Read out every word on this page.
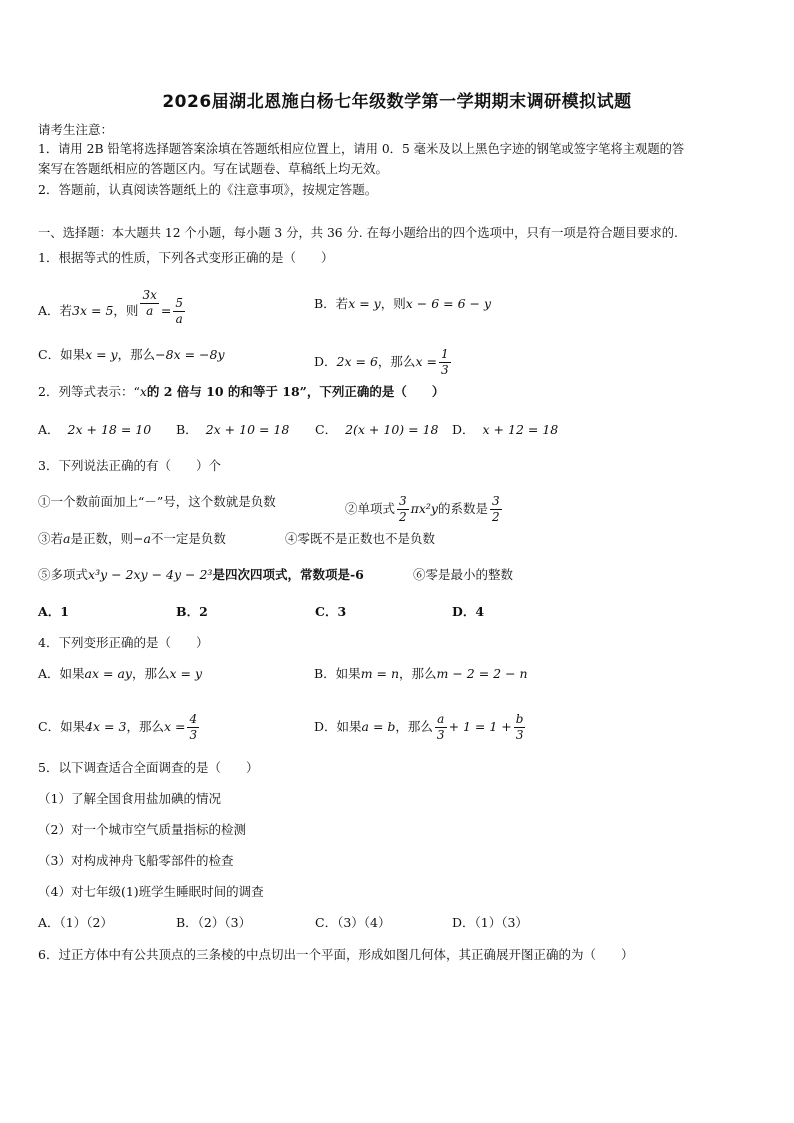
2026届湖北恩施白杨七年级数学第一学期期末调研模拟试题
请考生注意：
1．请用 2B 铅笔将选择题答案涂填在答题纸相应位置上，请用 0．5 毫米及以上黑色字迹的钢笔或签字笔将主观题的答
案写在答题纸相应的答题区内。写在试题卷、草稿纸上均无效。
2．答题前，认真阅读答题纸上的《注意事项》，按规定答题。
一、选择题：本大题共 12 个小题，每小题 3 分，共 36 分. 在每小题给出的四个选项中，只有一项是符合题目要求的.
1．根据等式的性质，下列各式变形正确的是（　　）
A．若3x = 5，则 $\frac{3x}{a} = \frac{5}{a}$	B．若x = y，则x − 6 = 6 − y
C．如果x = y，那么−8x = −8y	D．2x = 6，那么$x = \frac{1}{3}$
2．列等式表示：“x的 2 倍与 10 的和等于 18”，下列正确的是（　　）
A． 2x + 18 = 10 B． 2x + 10 = 18 C． 2(x + 10) = 18 D． x + 12 = 18
3．下列说法正确的有（　　）个
①一个数前面加上“－”号，这个数就是负数	②单项式 $\frac{3}{2} \pi x^2y$的系数是 $\frac{3}{2}$
③若a是正数，则−a不一定是负数	④零既不是正数也不是负数
⑤多项式x³y − 2xy − 4y − 2³是四次四项式，常数项是-6	⑥零是最小的整数
A．1	B．2	C．3	D．4
4．下列变形正确的是（　　）
A．如果ax = ay，那么x = y	B．如果m = n，那么m − 2 = 2 − n
C．如果4x = 3，那么$x = \frac{4}{3}$	D．如果a = b，那么 $\frac{a}{3} + 1 = 1 + \frac{b}{3}$
5．以下调查适合全面调查的是（　　）
（1）了解全国食用盐加碘的情况
（2）对一个城市空气质量指标的检测
（3）对构成神舟飞船零部件的检查
（4）对七年级(1)班学生睡眠时间的调查
A．（1）（2）	B．（2）（3）	C．（3）（4）	D．（1）（3）
6．过正方体中有公共顶点的三条棱的中点切出一个平面，形成如图几何体，其正确展开图正确的为（　　）
